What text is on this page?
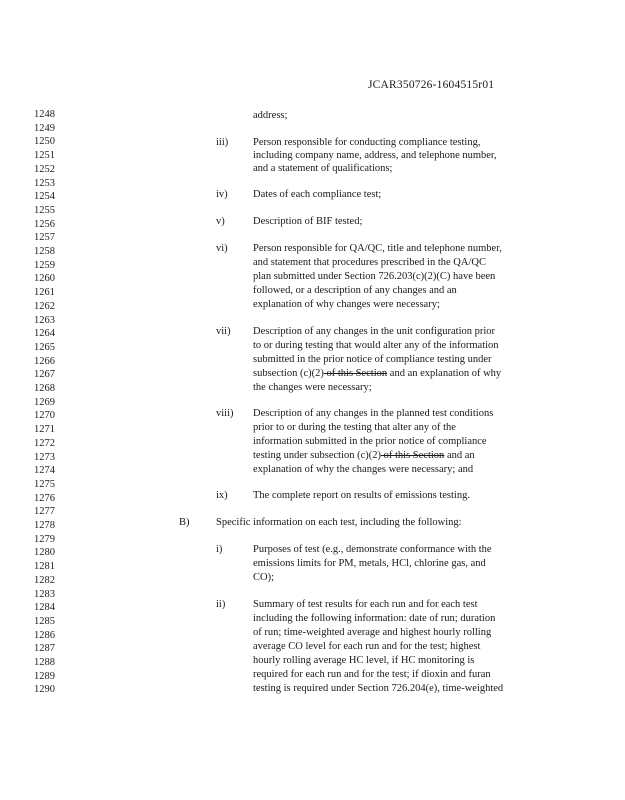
JCAR350726-1604515r01
1248
1249
1250
1251
1252
1253
1254
1255
1256
1257
1258
1259
1260
1261
1262
1263
1264
1265
1266
1267
1268
1269
1270
1271
1272
1273
1274
1275
1276
1277
1278
1279
1280
1281
1282
1283
1284
1285
1286
1287
1288
1289
1290
address;
iii) Person responsible for conducting compliance testing,
including company name, address, and telephone number,
and a statement of qualifications;
iv) Dates of each compliance test;
v)	Description of BIF tested;
vi) Person responsible for QA/QC, title and telephone number,
and statement that procedures prescribed in the QA/QC
plan submitted under Section 726.203(c)(2)(C) have been
followed, or a description of any changes and an
explanation of why changes were necessary;
vii) Description of any changes in the unit configuration prior
to or during testing that would alter any of the information
submitted in the prior notice of compliance testing under
subsection (c)(2) of this Section and an explanation of why
the changes were necessary;
viii) Description of any changes in the planned test conditions
prior to or during the testing that alter any of the
information submitted in the prior notice of compliance
testing under subsection (c)(2) of this Section and an
explanation of why the changes were necessary; and
ix) The complete report on results of emissions testing.
B)	Specific information on each test, including the following:
i)	Purposes of test (e.g., demonstrate conformance with the
emissions limits for PM, metals, HCl, chlorine gas, and
CO);
ii)	Summary of test results for each run and for each test
including the following information: date of run; duration
of run; time-weighted average and highest hourly rolling
average CO level for each run and for the test; highest
hourly rolling average HC level, if HC monitoring is
required for each run and for the test; if dioxin and furan
testing is required under Section 726.204(e), time-weighted
